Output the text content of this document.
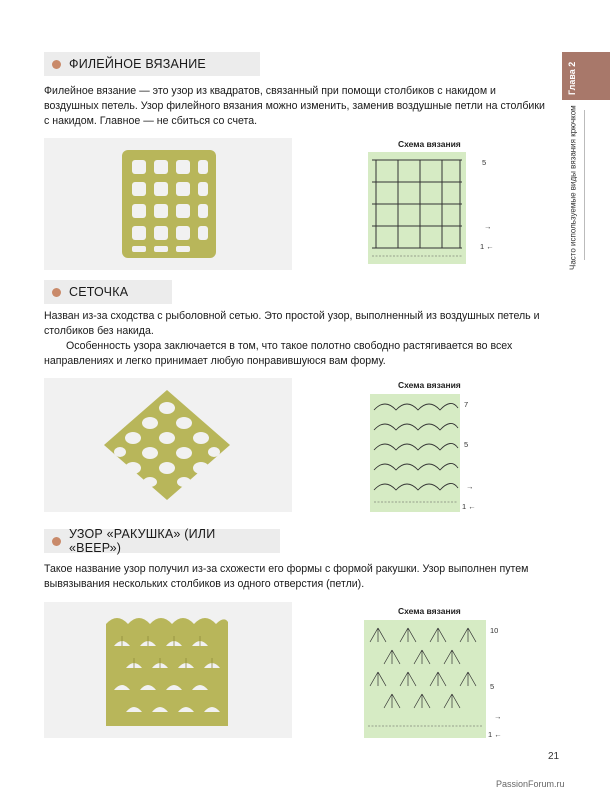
Глава 2
Часто используемые виды вязания крючком
ФИЛЕЙНОЕ ВЯЗАНИЕ

Филейное вязание — это узор из квадратов, связанный при помощи столбиков с накидом и воздушных петель. Узор филейного вязания можно изменить, заменив воздушные петли на столбики с накидом. Главное — не сбиться со счета.

Схема вязания
5
→
1 ←
СЕТОЧКА

Назван из-за сходства с рыболовной сетью. Это простой узор, выполненный из воздушных петель и столбиков без накида.

Особенность узора заключается в том, что такое полотно свободно растягивается во всех направлениях и легко принимает любую понравившуюся вам форму.

Схема вязания
7
5
→
1 ←
УЗОР «РАКУШКА» (ИЛИ «ВЕЕР»)

Такое название узор получил из-за схожести его формы с формой ракушки. Узор выполнен путем вывязывания нескольких столбиков из одного отверстия (петли).

Схема вязания
10
5
→
1 ←
21
PassionForum.ru
